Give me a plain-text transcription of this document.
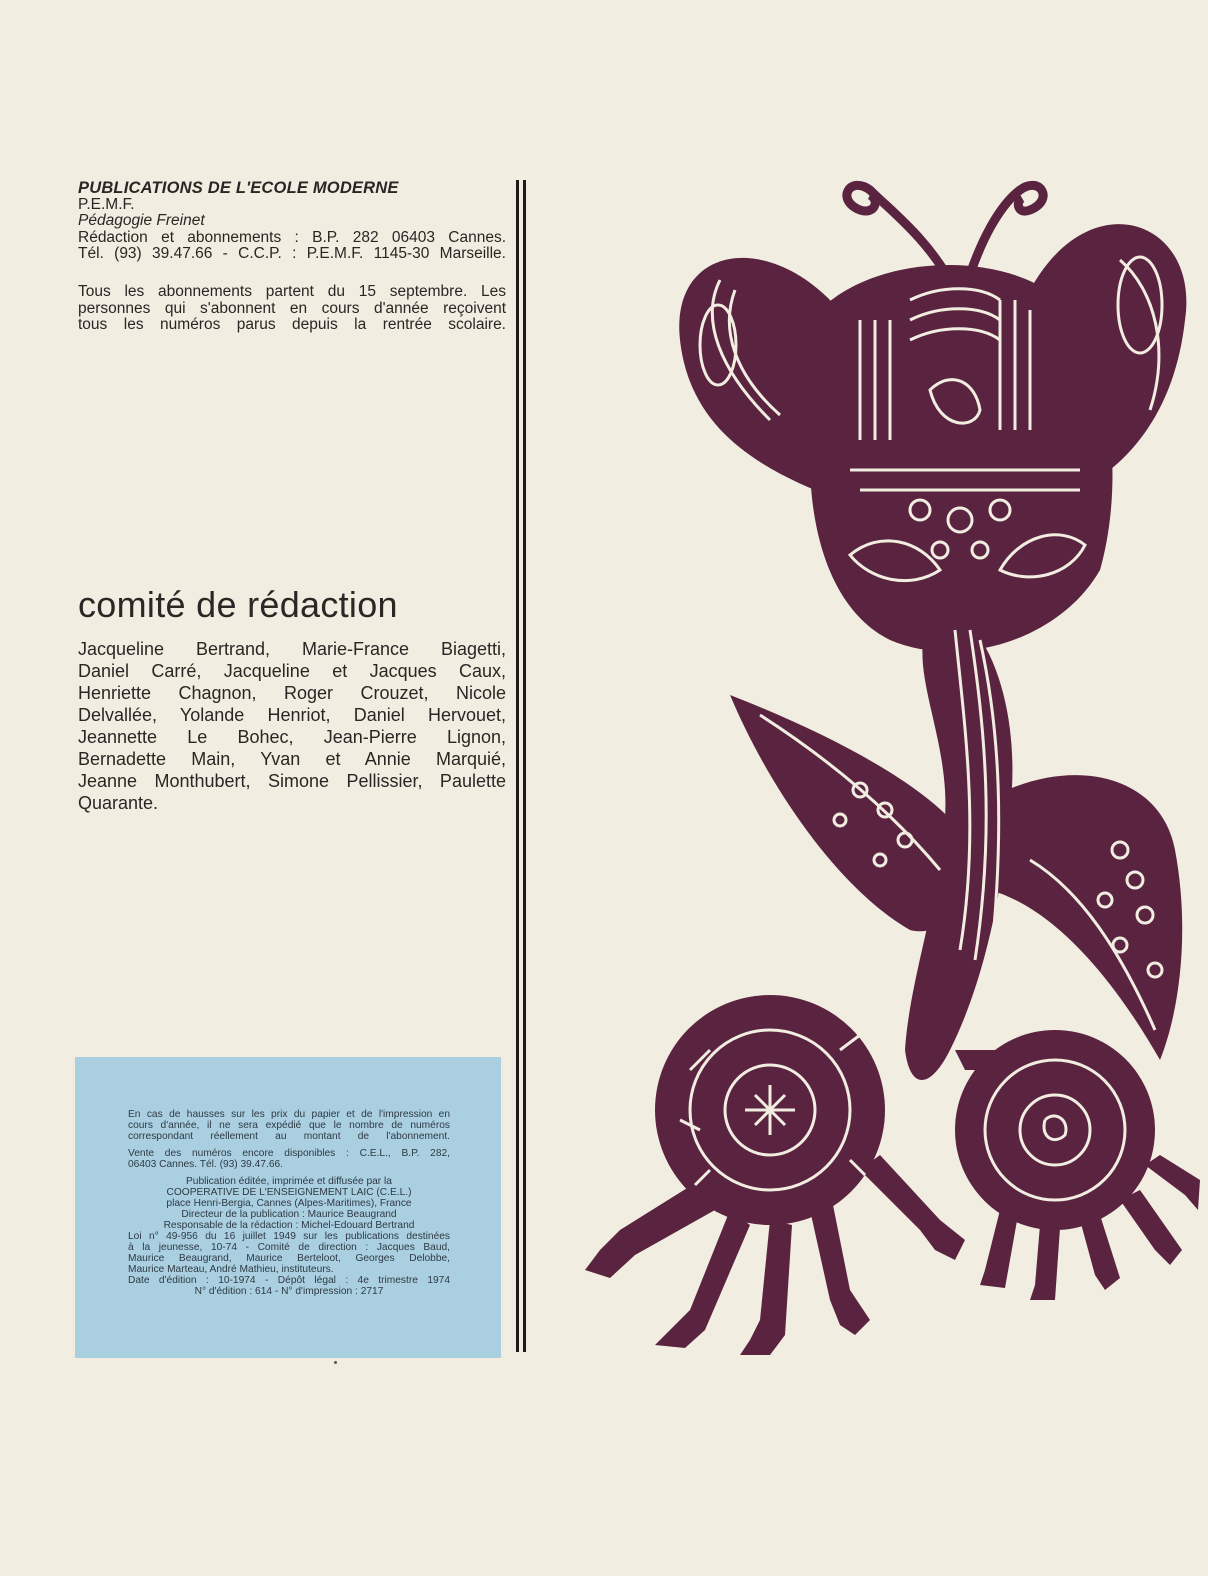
PUBLICATIONS DE L'ECOLE MODERNE
P.E.M.F.
Pédagogie Freinet
Rédaction et abonnements : B.P. 282 06403 Cannes.
Tél. (93) 39.47.66 - C.C.P. : P.E.M.F. 1145-30 Marseille.
Tous les abonnements partent du 15 septembre. Les
personnes qui s'abonnent en cours d'année reçoivent
tous les numéros parus depuis la rentrée scolaire.
comité de rédaction
Jacqueline Bertrand, Marie-France Biagetti,
Daniel Carré, Jacqueline et Jacques Caux,
Henriette Chagnon, Roger Crouzet, Nicole
Delvallée, Yolande Henriot, Daniel Hervouet,
Jeannette Le Bohec, Jean-Pierre Lignon,
Bernadette Main, Yvan et Annie Marquié,
Jeanne Monthubert, Simone Pellissier, Paulette
Quarante.
En cas de hausses sur les prix du papier et de l'impression en
cours d'année, il ne sera expédié que le nombre de numéros
correspondant réellement au montant de l'abonnement.
Vente des numéros encore disponibles : C.E.L., B.P. 282,
06403 Cannes. Tél. (93) 39.47.66.
Publication éditée, imprimée et diffusée par la
COOPERATIVE DE L'ENSEIGNEMENT LAIC (C.E.L.)
place Henri-Bergia, Cannes (Alpes-Maritimes), France
Directeur de la publication : Maurice Beaugrand
Responsable de la rédaction : Michel-Edouard Bertrand
Loi n° 49-956 du 16 juillet 1949 sur les publications destinées
à la jeunesse, 10-74 - Comité de direction : Jacques Baud,
Maurice Beaugrand, Maurice Berteloot, Georges Delobbe,
Maurice Marteau, André Mathieu, instituteurs.
Date d'édition : 10-1974 - Dépôt légal : 4e trimestre 1974
N° d'édition : 614 - N° d'impression : 2717
